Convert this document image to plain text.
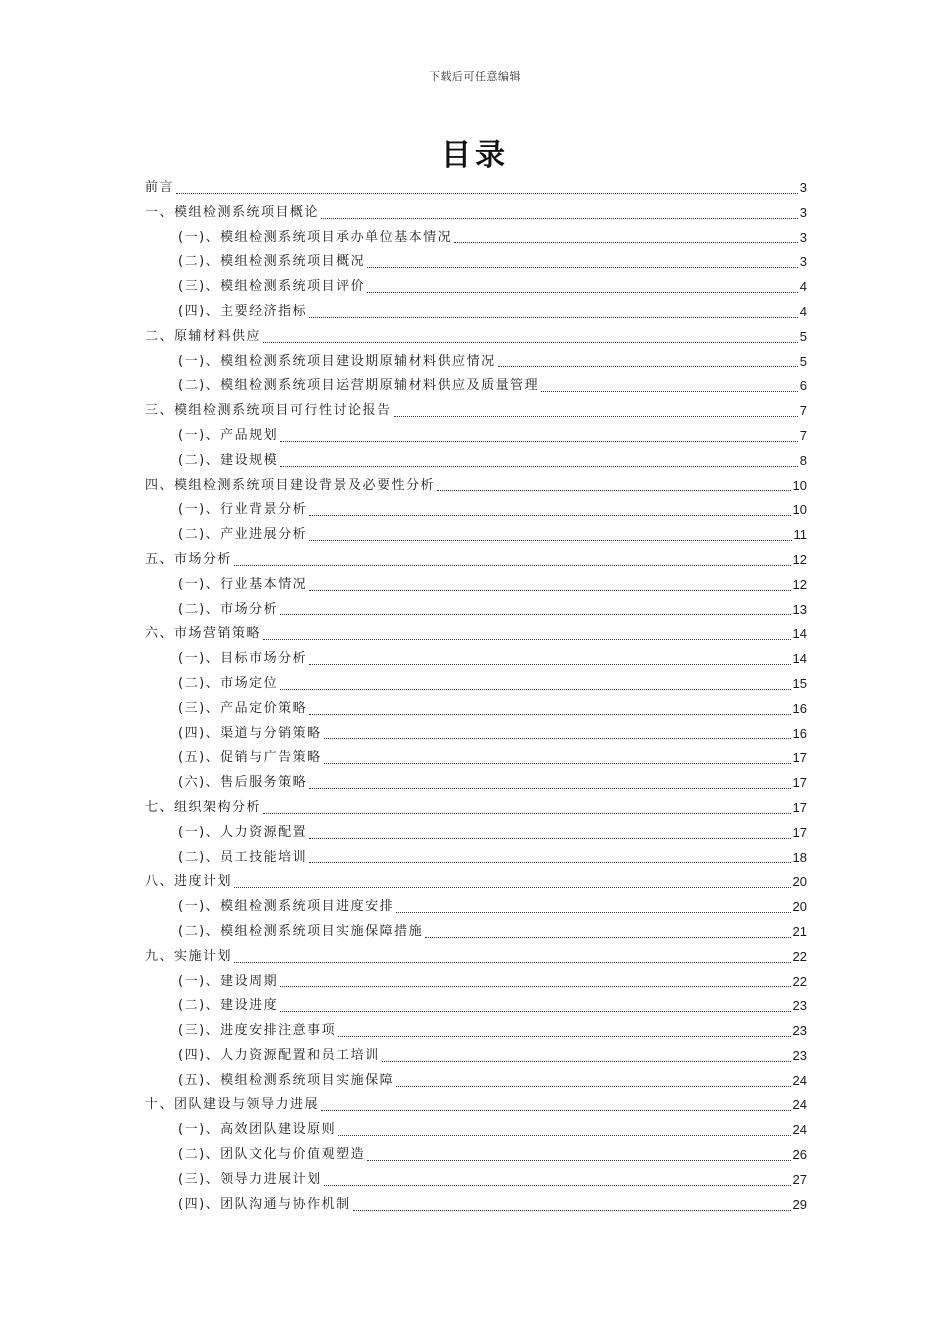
下载后可任意编辑
目录
前言	3
一、模组检测系统项目概论	3
(一)、模组检测系统项目承办单位基本情况	3
(二)、模组检测系统项目概况	3
(三)、模组检测系统项目评价	4
(四)、主要经济指标	4
二、原辅材料供应	5
(一)、模组检测系统项目建设期原辅材料供应情况	5
(二)、模组检测系统项目运营期原辅材料供应及质量管理	6
三、模组检测系统项目可行性讨论报告	7
(一)、产品规划	7
(二)、建设规模	8
四、模组检测系统项目建设背景及必要性分析	10
(一)、行业背景分析	10
(二)、产业进展分析	11
五、市场分析	12
(一)、行业基本情况	12
(二)、市场分析	13
六、市场营销策略	14
(一)、目标市场分析	14
(二)、市场定位	15
(三)、产品定价策略	16
(四)、渠道与分销策略	16
(五)、促销与广告策略	17
(六)、售后服务策略	17
七、组织架构分析	17
(一)、人力资源配置	17
(二)、员工技能培训	18
八、进度计划	20
(一)、模组检测系统项目进度安排	20
(二)、模组检测系统项目实施保障措施	21
九、实施计划	22
(一)、建设周期	22
(二)、建设进度	23
(三)、进度安排注意事项	23
(四)、人力资源配置和员工培训	23
(五)、模组检测系统项目实施保障	24
十、团队建设与领导力进展	24
(一)、高效团队建设原则	24
(二)、团队文化与价值观塑造	26
(三)、领导力进展计划	27
(四)、团队沟通与协作机制	29
